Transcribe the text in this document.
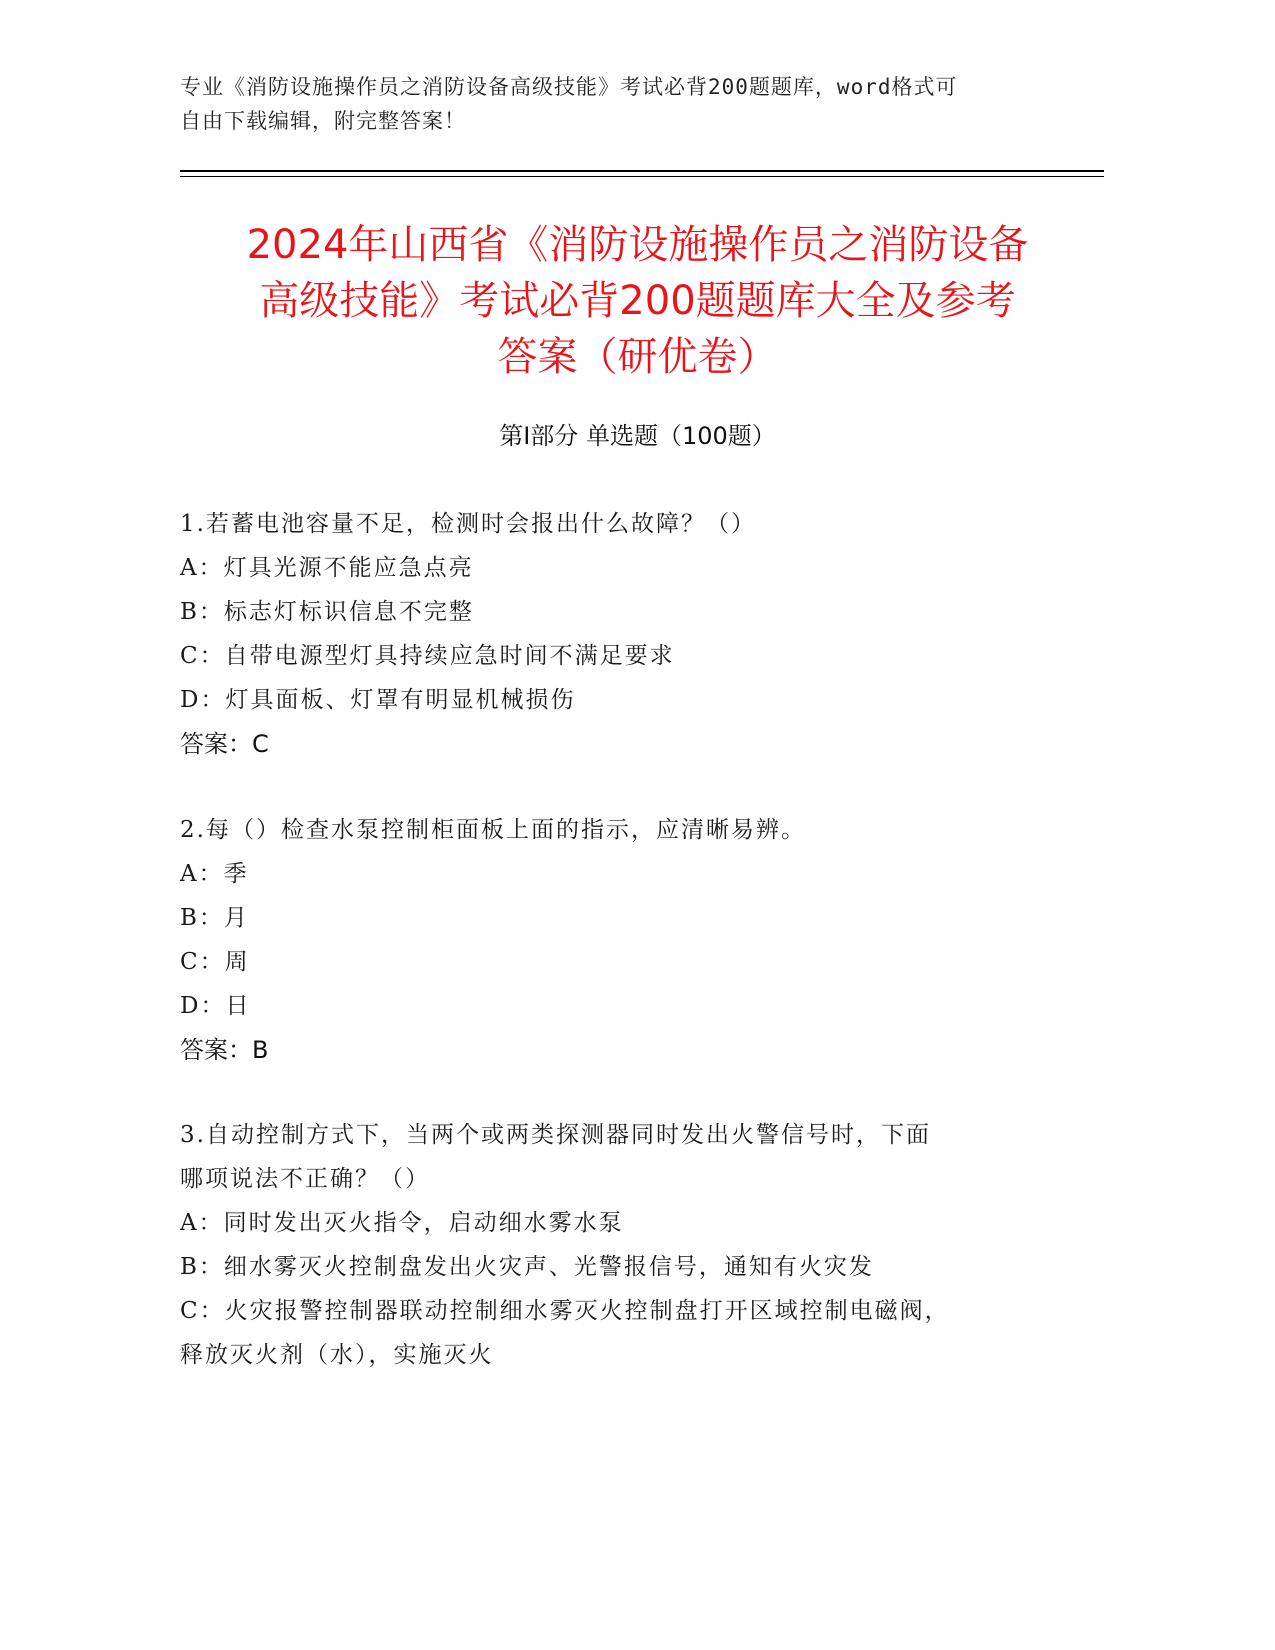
专业《消防设施操作员之消防设备高级技能》考试必背200题题库，word格式可
自由下载编辑，附完整答案！
2024年山西省《消防设施操作员之消防设备
高级技能》考试必背200题题库大全及参考
答案（研优卷）
第Ⅰ部分 单选题（100题）
1.若蓄电池容量不足，检测时会报出什么故障？（）
A：灯具光源不能应急点亮
B：标志灯标识信息不完整
C：自带电源型灯具持续应急时间不满足要求
D：灯具面板、灯罩有明显机械损伤
答案：C
2.每（）检查水泵控制柜面板上面的指示，应清晰易辨。
A：季
B：月
C：周
D：日
答案：B
3.自动控制方式下，当两个或两类探测器同时发出火警信号时，下面
哪项说法不正确？（）
A：同时发出灭火指令，启动细水雾水泵
B：细水雾灭火控制盘发出火灾声、光警报信号，通知有火灾发
C：火灾报警控制器联动控制细水雾灭火控制盘打开区域控制电磁阀，
释放灭火剂（水），实施灭火
